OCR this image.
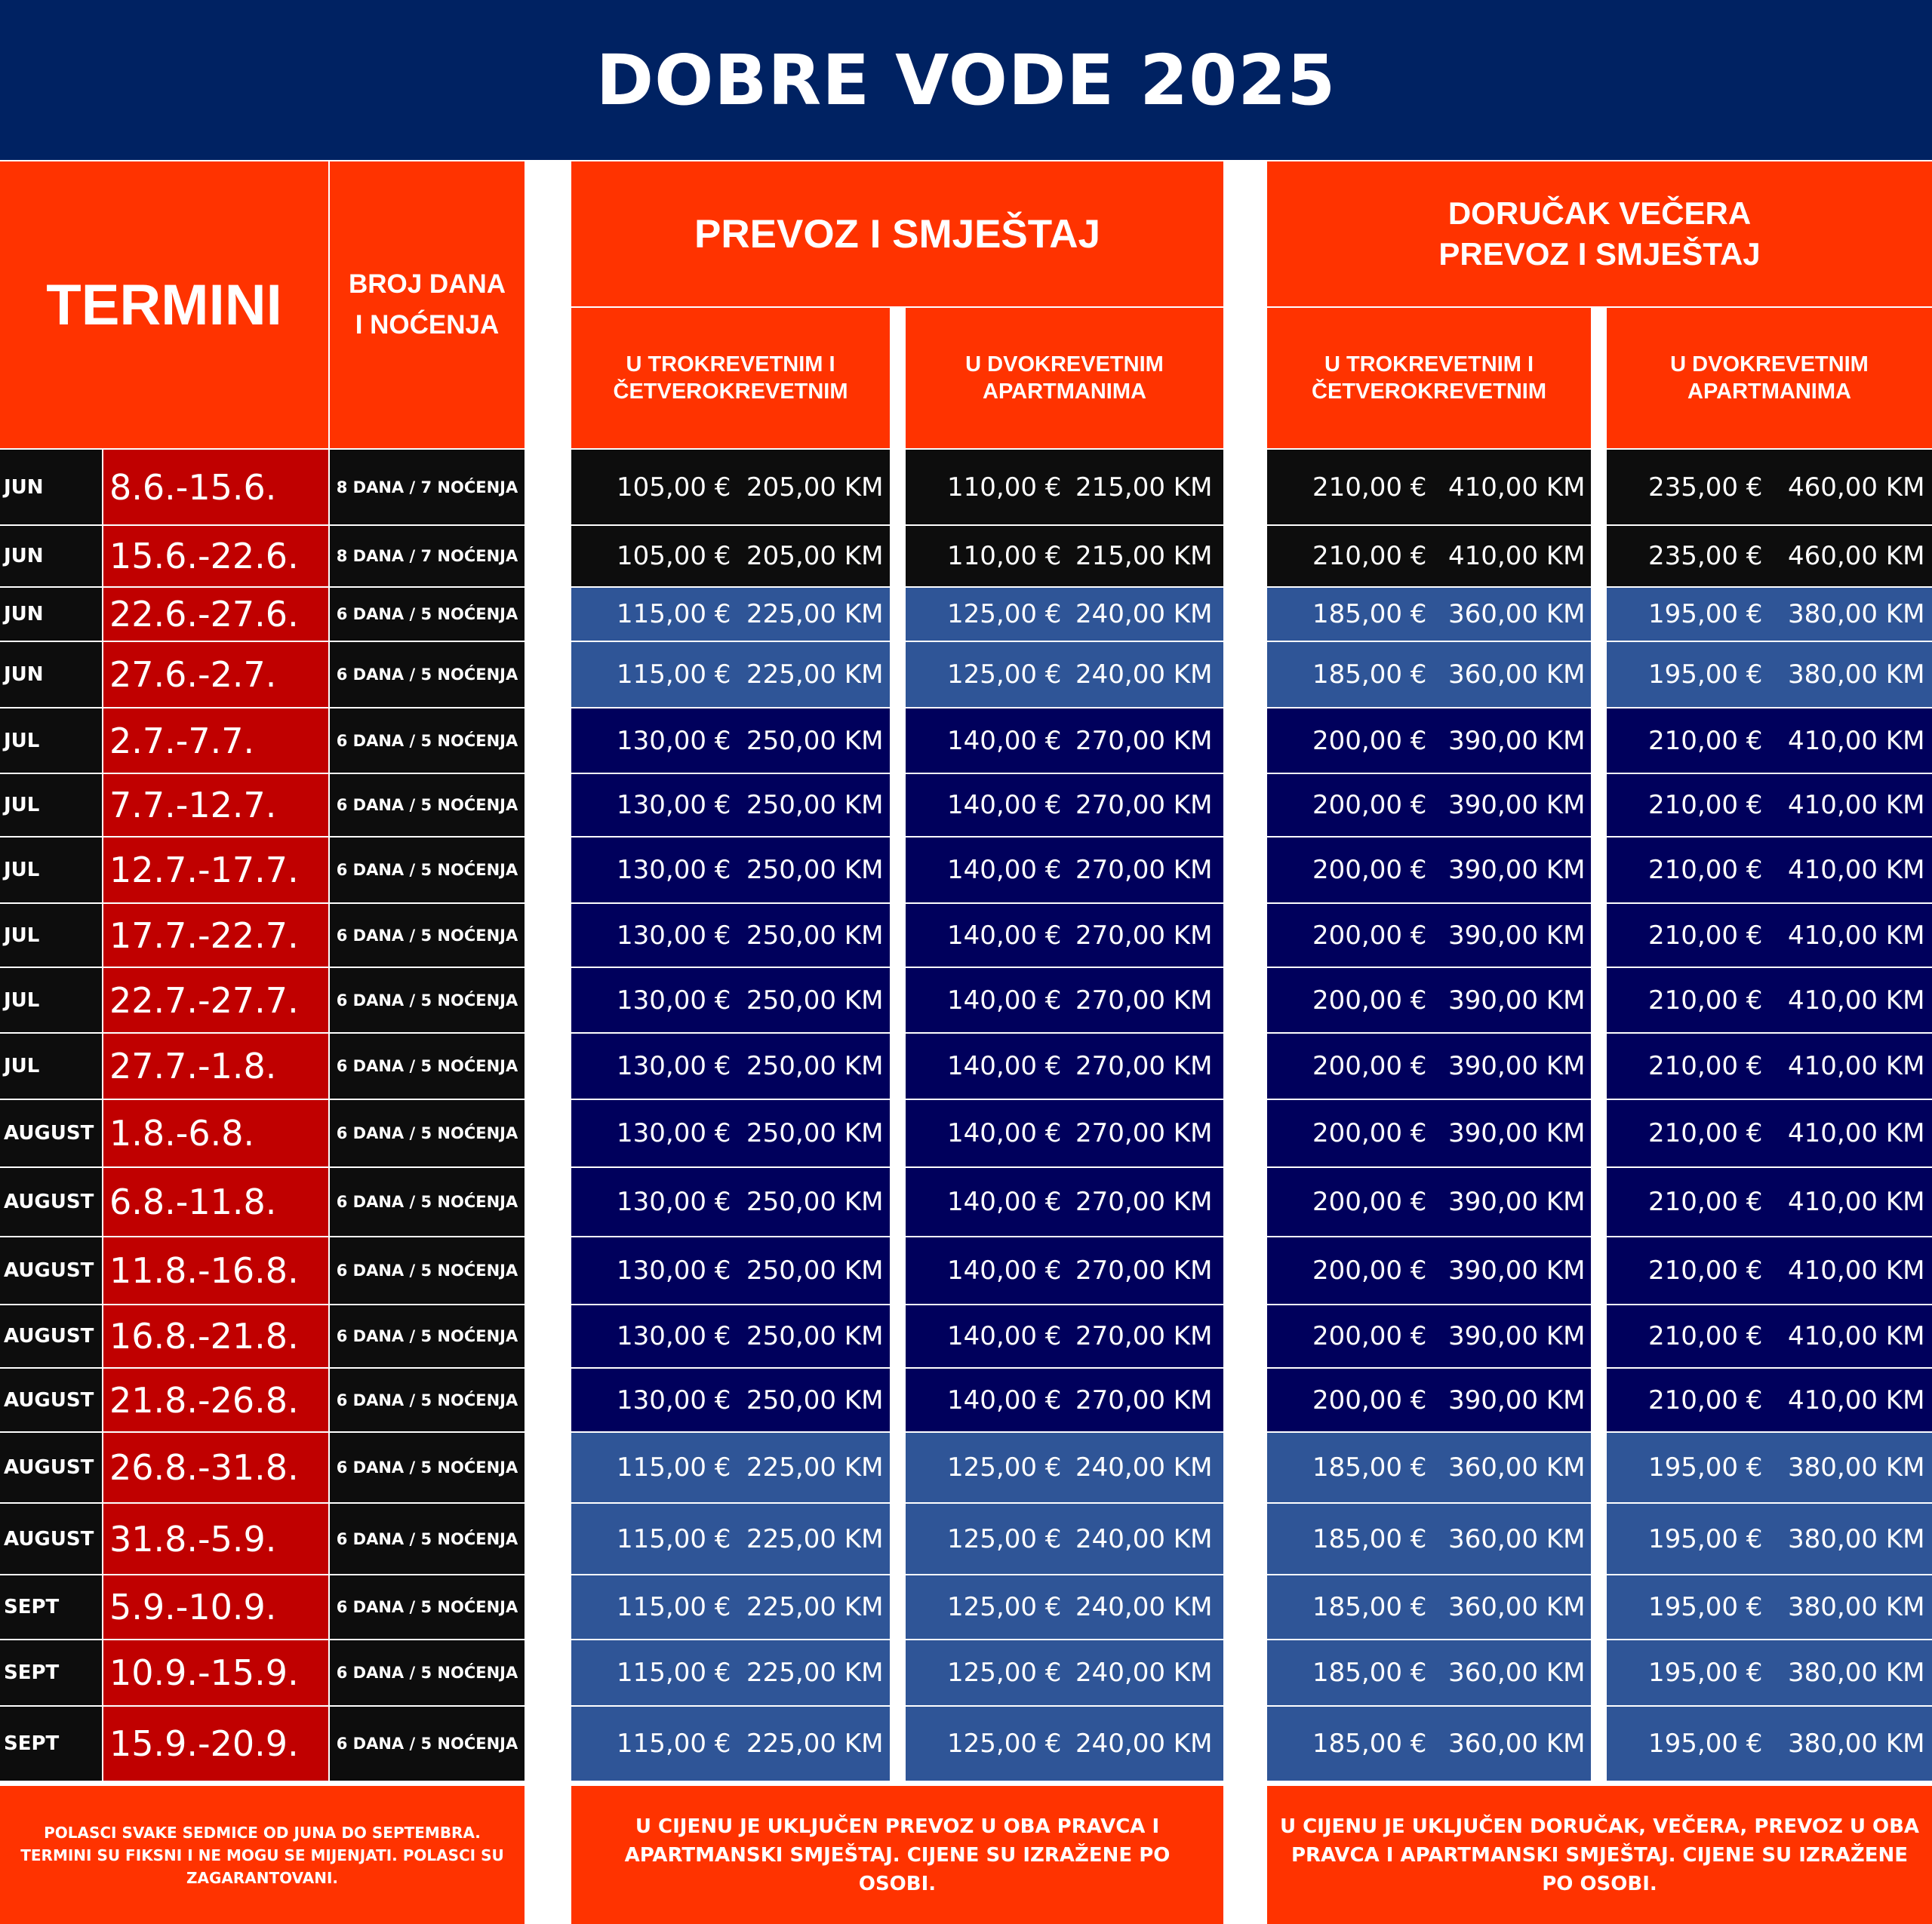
DOBRE VODE 2025
TERMINI	BROJ DANA I NOĆENJA
PREVOZ I SMJEŠTAJ	DORUČAK VEČERA
PREVOZ I SMJEŠTAJ
U TROKREVETNIM I ČETVEROKREVETNIM
U DVOKREVETNIM APARTMANIMA
U TROKREVETNIM I ČETVEROKREVETNIM
U DVOKREVETNIM APARTMANIMA
JUN	8.6.-15.6.	8 DANA / 7 NOĆENJA	105,00 € 205,00 KM 110,00 € 215,00 KM	210,00 € 410,00 KM 235,00 € 460,00 KM
JUN	15.6.-22.6.	8 DANA / 7 NOĆENJA	105,00 € 205,00 KM 110,00 € 215,00 KM	210,00 € 410,00 KM 235,00 € 460,00 KM
JUN	22.6.-27.6.	6 DANA / 5 NOĆENJA	115,00 € 225,00 KM 125,00 € 240,00 KM	185,00 € 360,00 KM 195,00 € 380,00 KM
JUN	27.6.-2.7.	6 DANA / 5 NOĆENJA	115,00 € 225,00 KM 125,00 € 240,00 KM	185,00 € 360,00 KM 195,00 € 380,00 KM
JUL	2.7.-7.7.	6 DANA / 5 NOĆENJA	130,00 € 250,00 KM 140,00 € 270,00 KM	200,00 € 390,00 KM 210,00 € 410,00 KM
JUL	7.7.-12.7.	6 DANA / 5 NOĆENJA	130,00 € 250,00 KM 140,00 € 270,00 KM	200,00 € 390,00 KM 210,00 € 410,00 KM
JUL	12.7.-17.7.	6 DANA / 5 NOĆENJA	130,00 € 250,00 KM 140,00 € 270,00 KM	200,00 € 390,00 KM 210,00 € 410,00 KM
JUL	17.7.-22.7.	6 DANA / 5 NOĆENJA	130,00 € 250,00 KM 140,00 € 270,00 KM	200,00 € 390,00 KM 210,00 € 410,00 KM
JUL	22.7.-27.7.	6 DANA / 5 NOĆENJA	130,00 € 250,00 KM 140,00 € 270,00 KM	200,00 € 390,00 KM 210,00 € 410,00 KM
JUL	27.7.-1.8.	6 DANA / 5 NOĆENJA	130,00 € 250,00 KM 140,00 € 270,00 KM	200,00 € 390,00 KM 210,00 € 410,00 KM
AUGUST 1.8.-6.8.	6 DANA / 5 NOĆENJA	130,00 € 250,00 KM 140,00 € 270,00 KM	200,00 € 390,00 KM 210,00 € 410,00 KM
AUGUST 6.8.-11.8.	6 DANA / 5 NOĆENJA	130,00 € 250,00 KM 140,00 € 270,00 KM	200,00 € 390,00 KM 210,00 € 410,00 KM
AUGUST 11.8.-16.8.	6 DANA / 5 NOĆENJA	130,00 € 250,00 KM 140,00 € 270,00 KM	200,00 € 390,00 KM 210,00 € 410,00 KM
AUGUST 16.8.-21.8.	6 DANA / 5 NOĆENJA	130,00 € 250,00 KM 140,00 € 270,00 KM	200,00 € 390,00 KM 210,00 € 410,00 KM
AUGUST 21.8.-26.8.	6 DANA / 5 NOĆENJA	130,00 € 250,00 KM 140,00 € 270,00 KM	200,00 € 390,00 KM 210,00 € 410,00 KM
AUGUST 26.8.-31.8.	6 DANA / 5 NOĆENJA	115,00 € 225,00 KM 125,00 € 240,00 KM	185,00 € 360,00 KM 195,00 € 380,00 KM
AUGUST 31.8.-5.9.	6 DANA / 5 NOĆENJA	115,00 € 225,00 KM 125,00 € 240,00 KM	185,00 € 360,00 KM 195,00 € 380,00 KM
SEPT	5.9.-10.9.	6 DANA / 5 NOĆENJA	115,00 € 225,00 KM 125,00 € 240,00 KM	185,00 € 360,00 KM 195,00 € 380,00 KM
SEPT	10.9.-15.9.	6 DANA / 5 NOĆENJA	115,00 € 225,00 KM 125,00 € 240,00 KM	185,00 € 360,00 KM 195,00 € 380,00 KM
SEPT	15.9.-20.9.	6 DANA / 5 NOĆENJA	115,00 € 225,00 KM 125,00 € 240,00 KM	185,00 € 360,00 KM 195,00 € 380,00 KM
POLASCI SVAKE SEDMICE OD JUNA DO SEPTEMBRA. TERMINI SU FIKSNI I NE MOGU SE MIJENJATI. POLASCI SU ZAGARANTOVANI.
U CIJENU JE UKLJUČEN PREVOZ U OBA PRAVCA I APARTMANSKI SMJEŠTAJ. CIJENE SU IZRAŽENE PO OSOBI.
U CIJENU JE UKLJUČEN DORUČAK, VEČERA, PREVOZ U OBA PRAVCA I APARTMANSKI SMJEŠTAJ. CIJENE SU IZRAŽENE PO OSOBI.
